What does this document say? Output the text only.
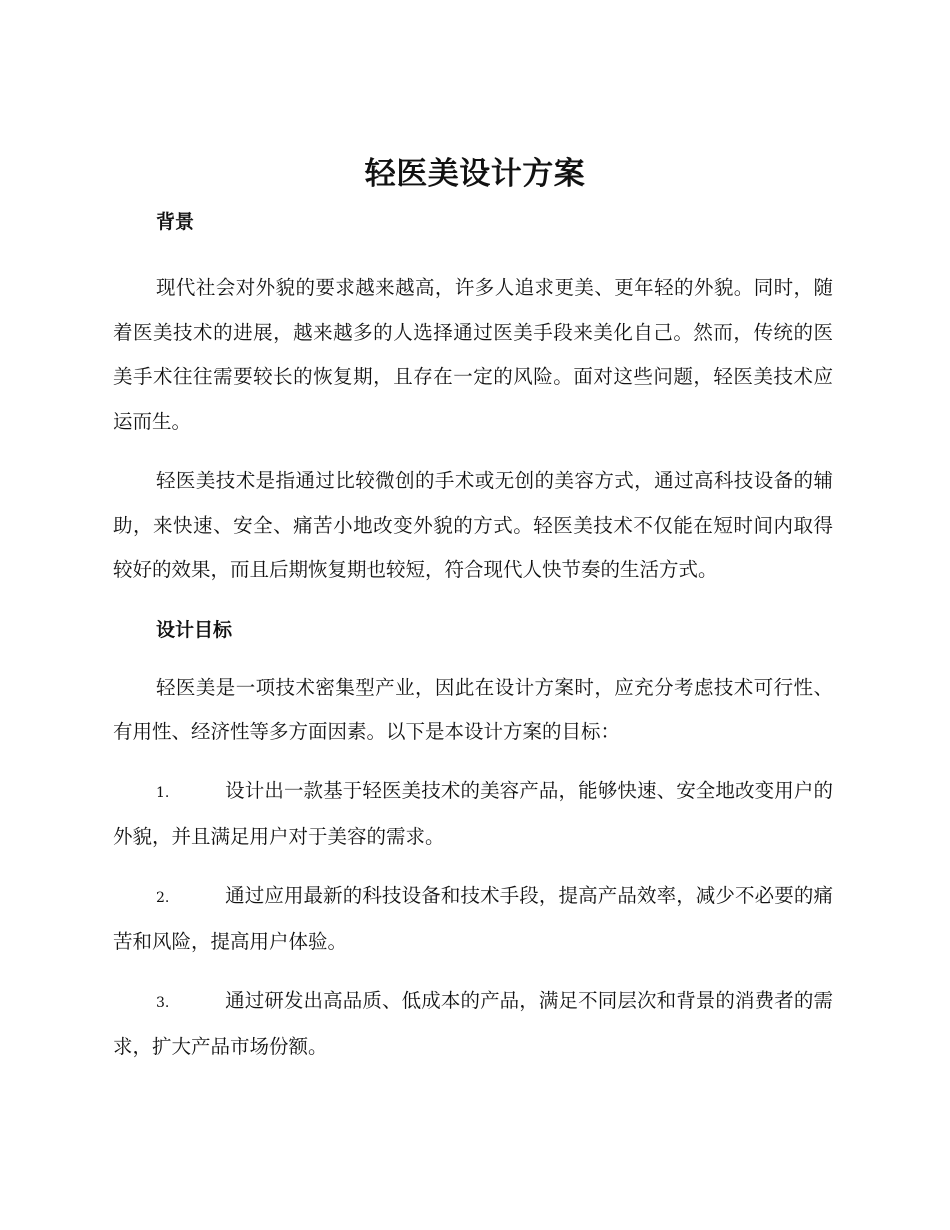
轻医美设计方案
背景

现代社会对外貌的要求越来越高，许多人追求更美、更年轻的外貌。同时，随着医美技术的进展，越来越多的人选择通过医美手段来美化自己。然而，传统的医美手术往往需要较长的恢复期，且存在一定的风险。面对这些问题，轻医美技术应运而生。

轻医美技术是指通过比较微创的手术或无创的美容方式，通过高科技设备的辅助，来快速、安全、痛苦小地改变外貌的方式。轻医美技术不仅能在短时间内取得较好的效果，而且后期恢复期也较短，符合现代人快节奏的生活方式。

设计目标

轻医美是一项技术密集型产业，因此在设计方案时，应充分考虑技术可行性、有用性、经济性等多方面因素。以下是本设计方案的目标：

1.	设计出一款基于轻医美技术的美容产品，能够快速、安全地改变用户的外貌，并且满足用户对于美容的需求。

2.	通过应用最新的科技设备和技术手段，提高产品效率，减少不必要的痛苦和风险，提高用户体验。

3.	通过研发出高品质、低成本的产品，满足不同层次和背景的消费者的需求，扩大产品市场份额。
